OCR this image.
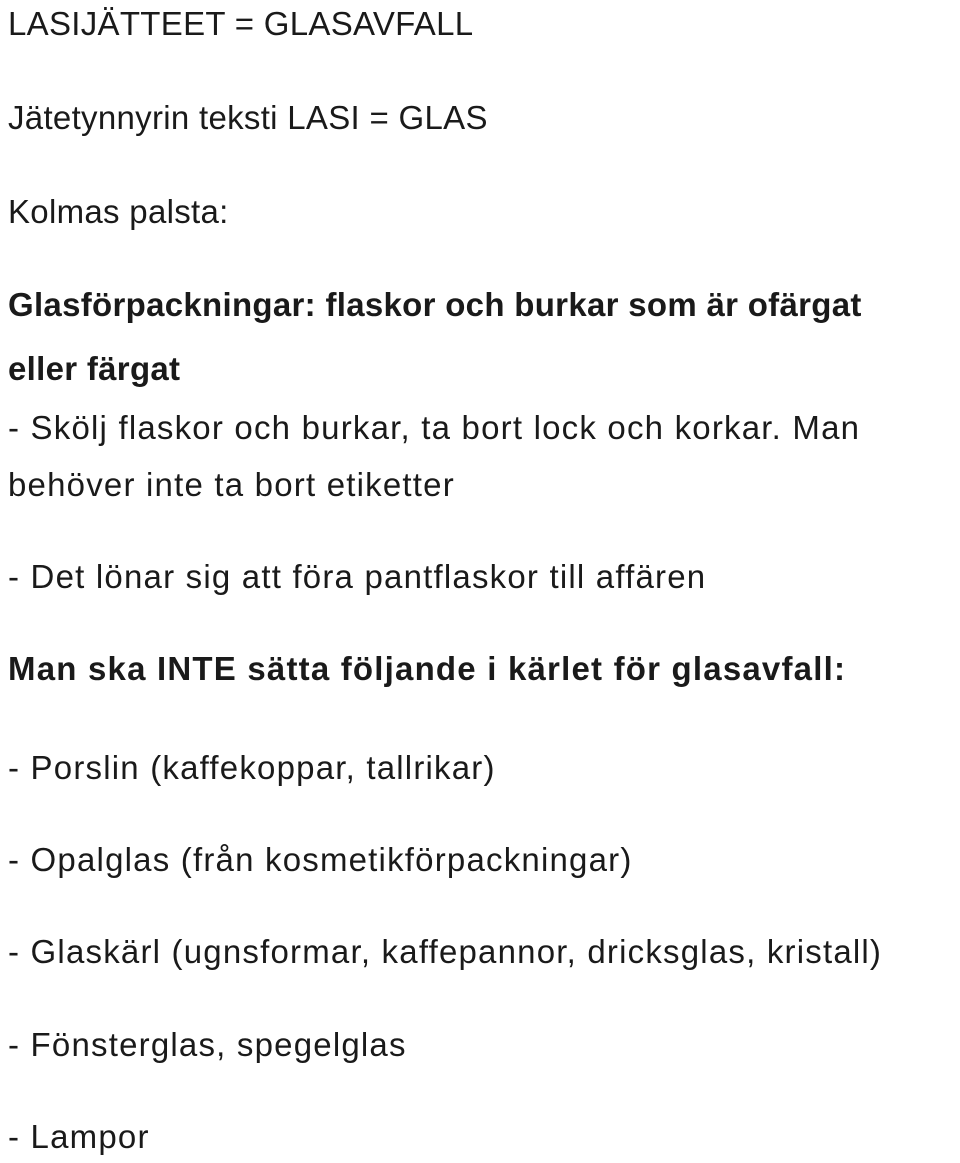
LASIJÄTTEET = GLASAVFALL

Jätetynnyrin teksti LASI = GLAS

Kolmas palsta:

Glasförpackningar: flaskor och burkar som är ofärgat

eller färgat

- Skölj flaskor och burkar, ta bort lock och korkar. Man

behöver inte ta bort etiketter

- Det lönar sig att föra pantflaskor till affären

Man ska INTE sätta följande i kärlet för glasavfall:

- Porslin (kaffekoppar, tallrikar)

- Opalglas (från kosmetikförpackningar)

- Glaskärl (ugnsformar, kaffepannor, dricksglas, kristall)

- Fönsterglas, spegelglas

- Lampor
